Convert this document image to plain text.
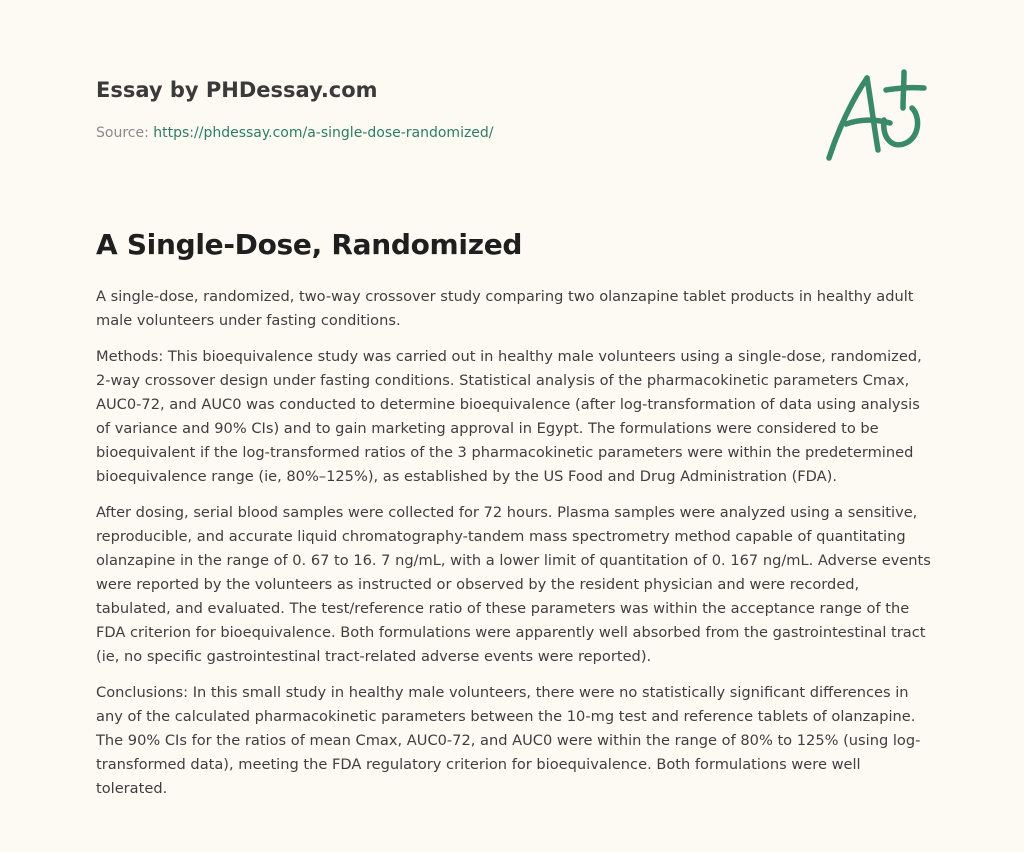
Essay by PHDessay.com
Source: https://phdessay.com/a-single-dose-randomized/
A Single-Dose, Randomized

A single-dose, randomized, two-way crossover study comparing two olanzapine tablet products in healthy adult male volunteers under fasting conditions.

Methods: This bioequivalence study was carried out in healthy male volunteers using a single-dose, randomized, 2-way crossover design under fasting conditions. Statistical analysis of the pharmacokinetic parameters Cmax, AUC0-72, and AUC0 was conducted to determine bioequivalence (after log-transformation of data using analysis of variance and 90% CIs) and to gain marketing approval in Egypt. The formulations were considered to be bioequivalent if the log-transformed ratios of the 3 pharmacokinetic parameters were within the predetermined bioequivalence range (ie, 80%–125%), as established by the US Food and Drug Administration (FDA).

After dosing, serial blood samples were collected for 72 hours. Plasma samples were analyzed using a sensitive, reproducible, and accurate liquid chromatography-tandem mass spectrometry method capable of quantitating olanzapine in the range of 0. 67 to 16. 7 ng/mL, with a lower limit of quantitation of 0. 167 ng/mL. Adverse events were reported by the volunteers as instructed or observed by the resident physician and were recorded, tabulated, and evaluated. The test/reference ratio of these parameters was within the acceptance range of the FDA criterion for bioequivalence. Both formulations were apparently well absorbed from the gastrointestinal tract (ie, no specific gastrointestinal tract-related adverse events were reported).

Conclusions: In this small study in healthy male volunteers, there were no statistically significant differences in any of the calculated pharmacokinetic parameters between the 10-mg test and reference tablets of olanzapine. The 90% CIs for the ratios of mean Cmax, AUC0-72, and AUC0 were within the range of 80% to 125% (using log-transformed data), meeting the FDA regulatory criterion for bioequivalence. Both formulations were well tolerated.
